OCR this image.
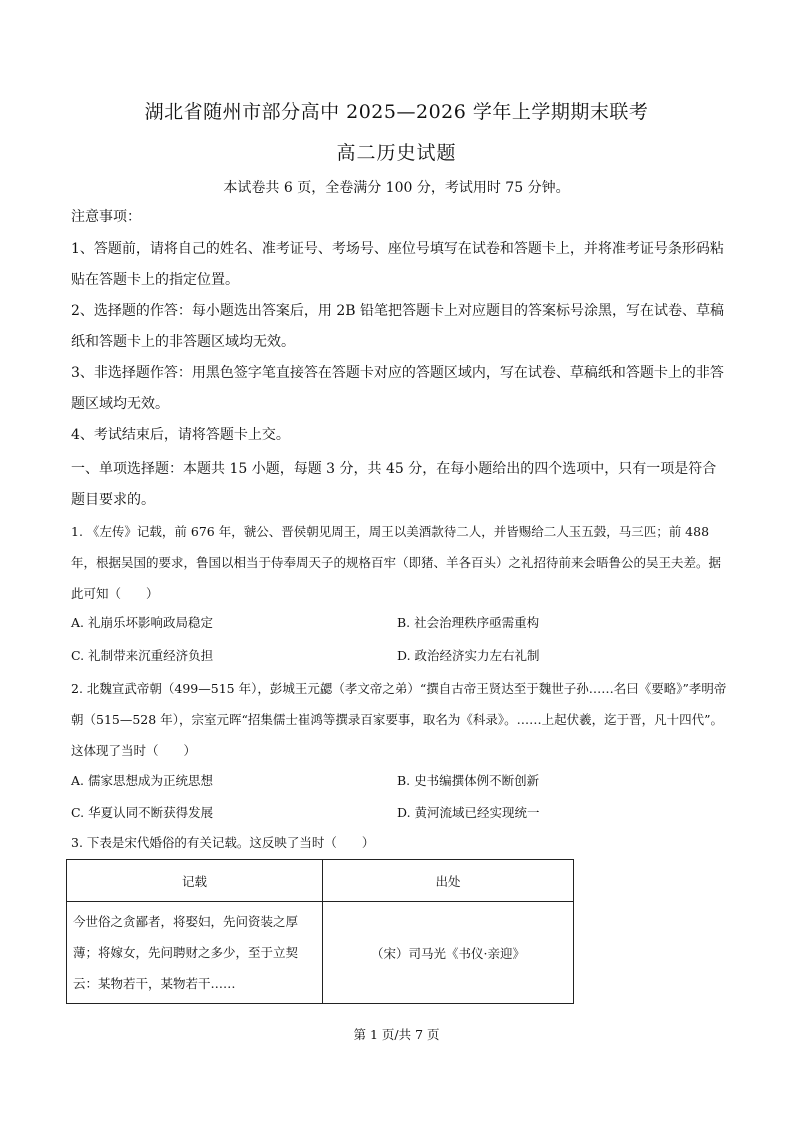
湖北省随州市部分高中 2025—2026 学年上学期期末联考
高二历史试题
本试卷共 6 页，全卷满分 100 分，考试用时 75 分钟。
注意事项：

1、答题前，请将自己的姓名、准考证号、考场号、座位号填写在试卷和答题卡上，并将准考证号条形码粘贴在答题卡上的指定位置。

2、选择题的作答：每小题选出答案后，用 2B 铅笔把答题卡上对应题目的答案标号涂黑，写在试卷、草稿纸和答题卡上的非答题区域均无效。

3、非选择题作答：用黑色签字笔直接答在答题卡对应的答题区域内，写在试卷、草稿纸和答题卡上的非答题区域均无效。

4、考试结束后，请将答题卡上交。

一、单项选择题：本题共 15 小题，每题 3 分，共 45 分，在每小题给出的四个选项中，只有一项是符合题目要求的。

1. 《左传》记载，前 676 年，虢公、晋侯朝见周王，周王以美酒款待二人，并皆赐给二人玉五瑴，马三匹；前 488 年，根据吴国的要求，鲁国以相当于侍奉周天子的规格百牢（即猪、羊各百头）之礼招待前来会晤鲁公的吴王夫差。据此可知（　　）

A. 礼崩乐坏影响政局稳定	B. 社会治理秩序亟需重构
C. 礼制带来沉重经济负担	D. 政治经济实力左右礼制

2. 北魏宣武帝朝（499—515 年），彭城王元勰（孝文帝之弟）“撰自古帝王贤达至于魏世子孙……名曰《要略》”孝明帝朝（515—528 年），宗室元晖“招集儒士崔鸿等撰录百家要事，取名为《科录》。……上起伏羲，迄于晋，凡十四代”。这体现了当时（　　）

A. 儒家思想成为正统思想	B. 史书编撰体例不断创新
C. 华夏认同不断获得发展	D. 黄河流域已经实现统一

3. 下表是宋代婚俗的有关记载。这反映了当时（　　）

记载	出处
今世俗之贪鄙者，将娶妇，先问资装之厚薄；将嫁女，先问聘财之多少，至于立契云：某物若干，某物若干……	（宋）司马光《书仪·亲迎》
第 1 页/共 7 页
